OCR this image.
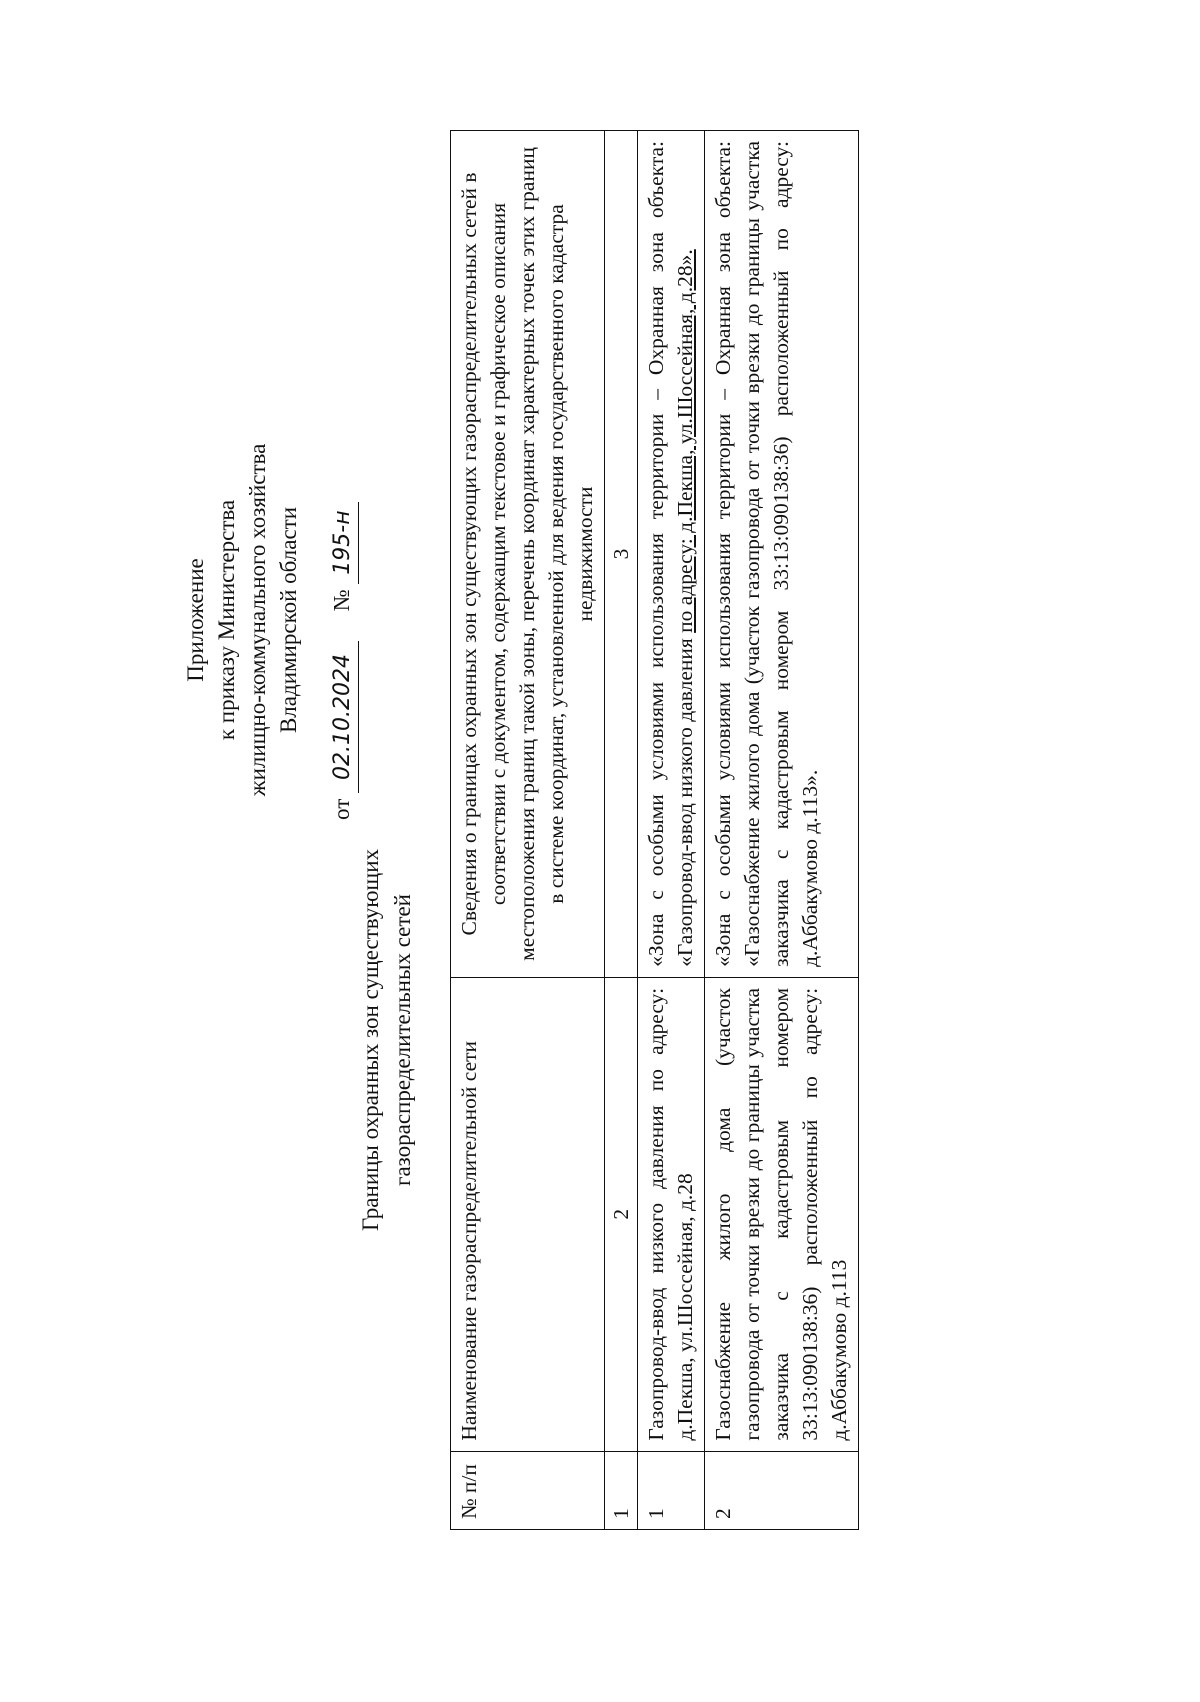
Приложение к приказу Министерства жилищно-коммунального хозяйства Владимирской области
от 02.10.2024 № 195-н
Границы охранных зон существующих газораспределительных сетей
№ п/п	Наименование газораспределительной сети	Сведения о границах охранных зон существующих газораспределительных сетей в соответствии с документом, содержащим текстовое и графическое описания местоположения границ такой зоны, перечень координат характерных точек этих границ в системе координат, установленной для ведения государственного кадастра недвижимости
1	2	3
1	Газопровод-ввод низкого давления по адресу: д.Пекша, ул.Шоссейная, д.28	«Зона с особыми условиями использования территории – Охранная зона объекта: «Газопровод-ввод низкого давления по адресу: д.Пекша, ул.Шоссейная, д.28».
2	Газоснабжение жилого дома (участок газопровода от точки врезки до границы участка заказчика с кадастровым номером 33:13:090138:36) расположенный по адресу: д.Аббакумово д.113	«Зона с особыми условиями использования территории – Охранная зона объекта: «Газоснабжение жилого дома (участок газопровода от точки врезки до границы участка заказчика с кадастровым номером 33:13:090138:36) расположенный по адресу: д.Аббакумово д.113».
